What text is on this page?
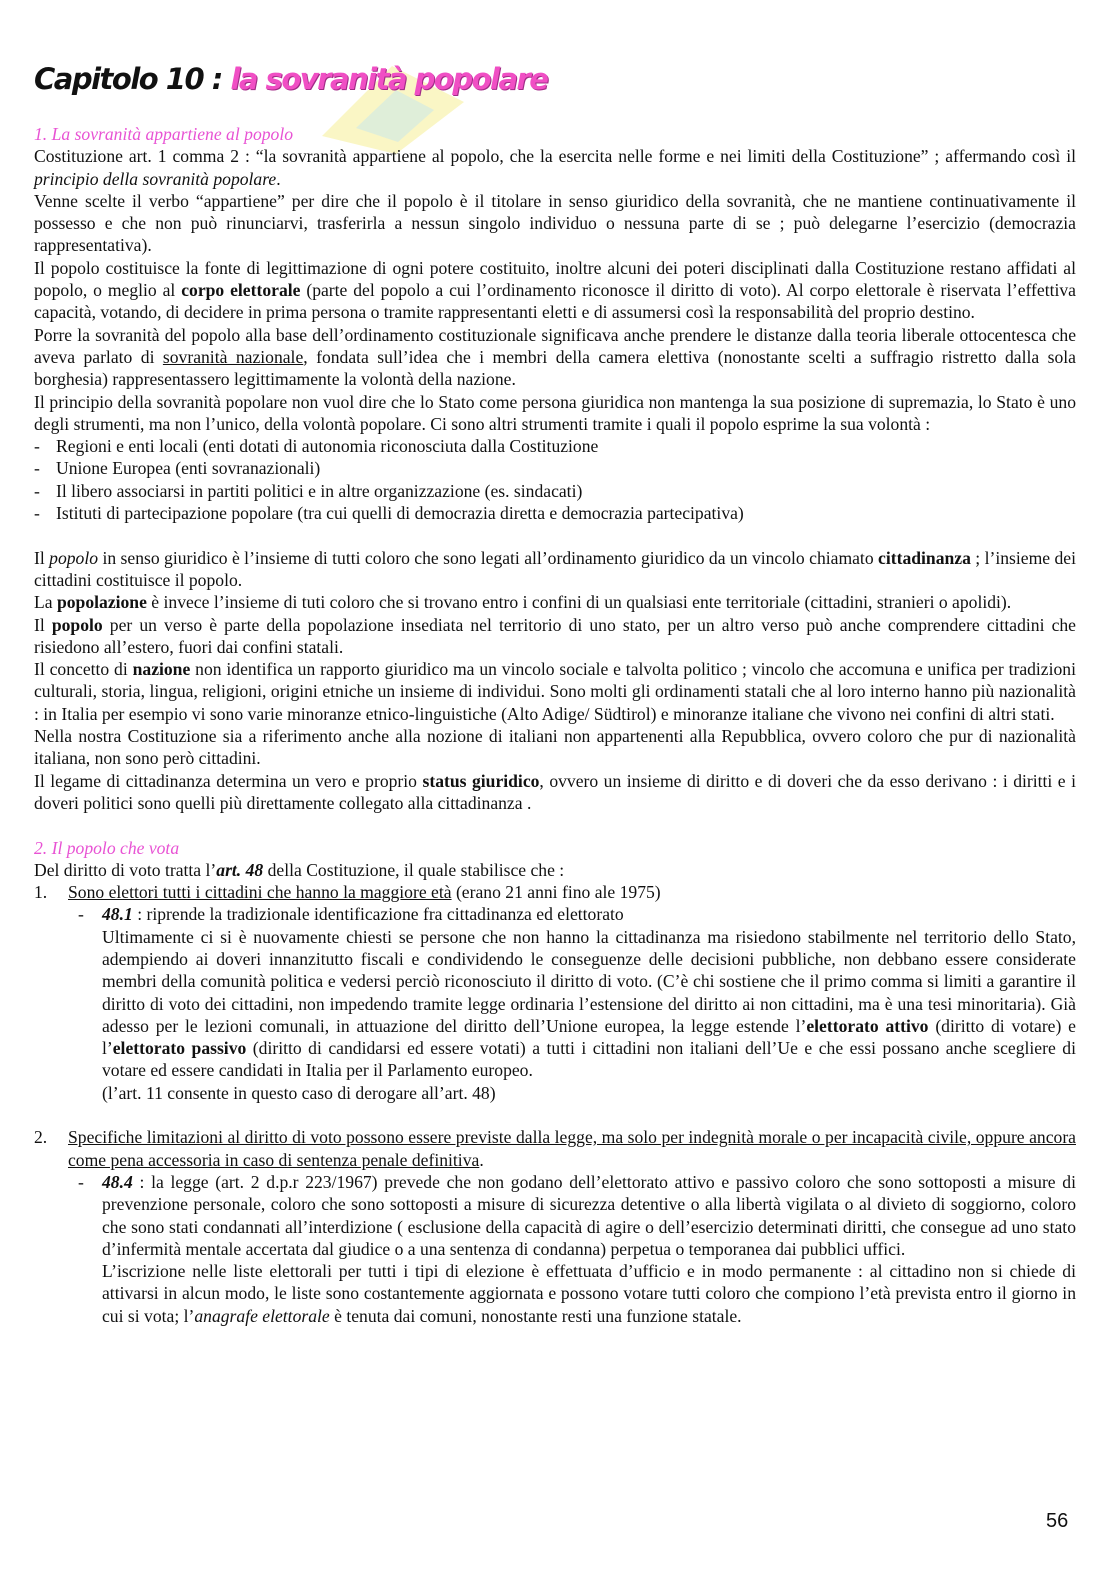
Capitolo 10 : la sovranità popolare

1. La sovranità appartiene al popolo

Costituzione art. 1 comma 2 : “la sovranità appartiene al popolo, che la esercita nelle forme e nei limiti della Costituzione” ; affermando così il principio della sovranità popolare.

Venne scelte il verbo “appartiene” per dire che il popolo è il titolare in senso giuridico della sovranità, che ne mantiene continuativamente il possesso e che non può rinunciarvi, trasferirla a nessun singolo individuo o nessuna parte di se ; può delegarne l’esercizio (democrazia rappresentativa).

Il popolo costituisce la fonte di legittimazione di ogni potere costituito, inoltre alcuni dei poteri disciplinati dalla Costituzione restano affidati al popolo, o meglio al corpo elettorale (parte del popolo a cui l’ordinamento riconosce il diritto di voto). Al corpo elettorale è riservata l’effettiva capacità, votando, di decidere in prima persona o tramite rappresentanti eletti e di assumersi così la responsabilità del proprio destino.

Porre la sovranità del popolo alla base dell’ordinamento costituzionale significava anche prendere le distanze dalla teoria liberale ottocentesca che aveva parlato di sovranità nazionale, fondata sull’idea che i membri della camera elettiva (nonostante scelti a suffragio ristretto dalla sola borghesia) rappresentassero legittimamente la volontà della nazione.

Il principio della sovranità popolare non vuol dire che lo Stato come persona giuridica non mantenga la sua posizione di supremazia, lo Stato è uno degli strumenti, ma non l’unico, della volontà popolare. Ci sono altri strumenti tramite i quali il popolo esprime la sua volontà :

- Regioni e enti locali (enti dotati di autonomia riconosciuta dalla Costituzione
- Unione Europea (enti sovranazionali)
- Il libero associarsi in partiti politici e in altre organizzazione (es. sindacati)
- Istituti di partecipazione popolare (tra cui quelli di democrazia diretta e democrazia partecipativa)

Il popolo in senso giuridico è l’insieme di tutti coloro che sono legati all’ordinamento giuridico da un vincolo chiamato cittadinanza ; l’insieme dei cittadini costituisce il popolo.

La popolazione è invece l’insieme di tuti coloro che si trovano entro i confini di un qualsiasi ente territoriale (cittadini, stranieri o apolidi).

Il popolo per un verso è parte della popolazione insediata nel territorio di uno stato, per un altro verso può anche comprendere cittadini che risiedono all’estero, fuori dai confini statali.

Il concetto di nazione non identifica un rapporto giuridico ma un vincolo sociale e talvolta politico ; vincolo che accomuna e unifica per tradizioni culturali, storia, lingua, religioni, origini etniche un insieme di individui. Sono molti gli ordinamenti statali che al loro interno hanno più nazionalità : in Italia per esempio vi sono varie minoranze etnico-linguistiche (Alto Adige/ Südtirol) e minoranze italiane che vivono nei confini di altri stati.

Nella nostra Costituzione sia a riferimento anche alla nozione di italiani non appartenenti alla Repubblica, ovvero coloro che pur di nazionalità italiana, non sono però cittadini.

Il legame di cittadinanza determina un vero e proprio status giuridico, ovvero un insieme di diritto e di doveri che da esso derivano : i diritti e i doveri politici sono quelli più direttamente collegato alla cittadinanza .

2. Il popolo che vota

Del diritto di voto tratta l’art. 48 della Costituzione, il quale stabilisce che :

1. Sono elettori tutti i cittadini che hanno la maggiore età (erano 21 anni fino ale 1975)
- 48.1 : riprende la tradizionale identificazione fra cittadinanza ed elettorato

Ultimamente ci si è nuovamente chiesti se persone che non hanno la cittadinanza ma risiedono stabilmente nel territorio dello Stato, adempiendo ai doveri innanzitutto fiscali e condividendo le conseguenze delle decisioni pubbliche, non debbano essere considerate membri della comunità politica e vedersi perciò riconosciuto il diritto di voto. (C’è chi sostiene che il primo comma si limiti a garantire il diritto di voto dei cittadini, non impedendo tramite legge ordinaria l’estensione del diritto ai non cittadini, ma è una tesi minoritaria). Già adesso per le lezioni comunali, in attuazione del diritto dell’Unione europea, la legge estende l’elettorato attivo (diritto di votare) e l’elettorato passivo (diritto di candidarsi ed essere votati) a tutti i cittadini non italiani dell’Ue e che essi possano anche scegliere di votare ed essere candidati in Italia per il Parlamento europeo.

(l’art. 11 consente in questo caso di derogare all’art. 48)

2. Specifiche limitazioni al diritto di voto possono essere previste dalla legge, ma solo per indegnità morale o per incapacità civile, oppure ancora come pena accessoria in caso di sentenza penale definitiva.
- 48.4 : la legge (art. 2 d.p.r 223/1967) prevede che non godano dell’elettorato attivo e passivo coloro che sono sottoposti a misure di prevenzione personale, coloro che sono sottoposti a misure di sicurezza detentive o alla libertà vigilata o al divieto di soggiorno, coloro che sono stati condannati all’interdizione ( esclusione della capacità di agire o dell’esercizio determinati diritti, che consegue ad uno stato d’infermità mentale accertata dal giudice o a una sentenza di condanna) perpetua o temporanea dai pubblici uffici.

L’iscrizione nelle liste elettorali per tutti i tipi di elezione è effettuata d’ufficio e in modo permanente : al cittadino non si chiede di attivarsi in alcun modo, le liste sono costantemente aggiornata e possono votare tutti coloro che compiono l’età prevista entro il giorno in cui si vota; l’anagrafe elettorale è tenuta dai comuni, nonostante resti una funzione statale.

56
